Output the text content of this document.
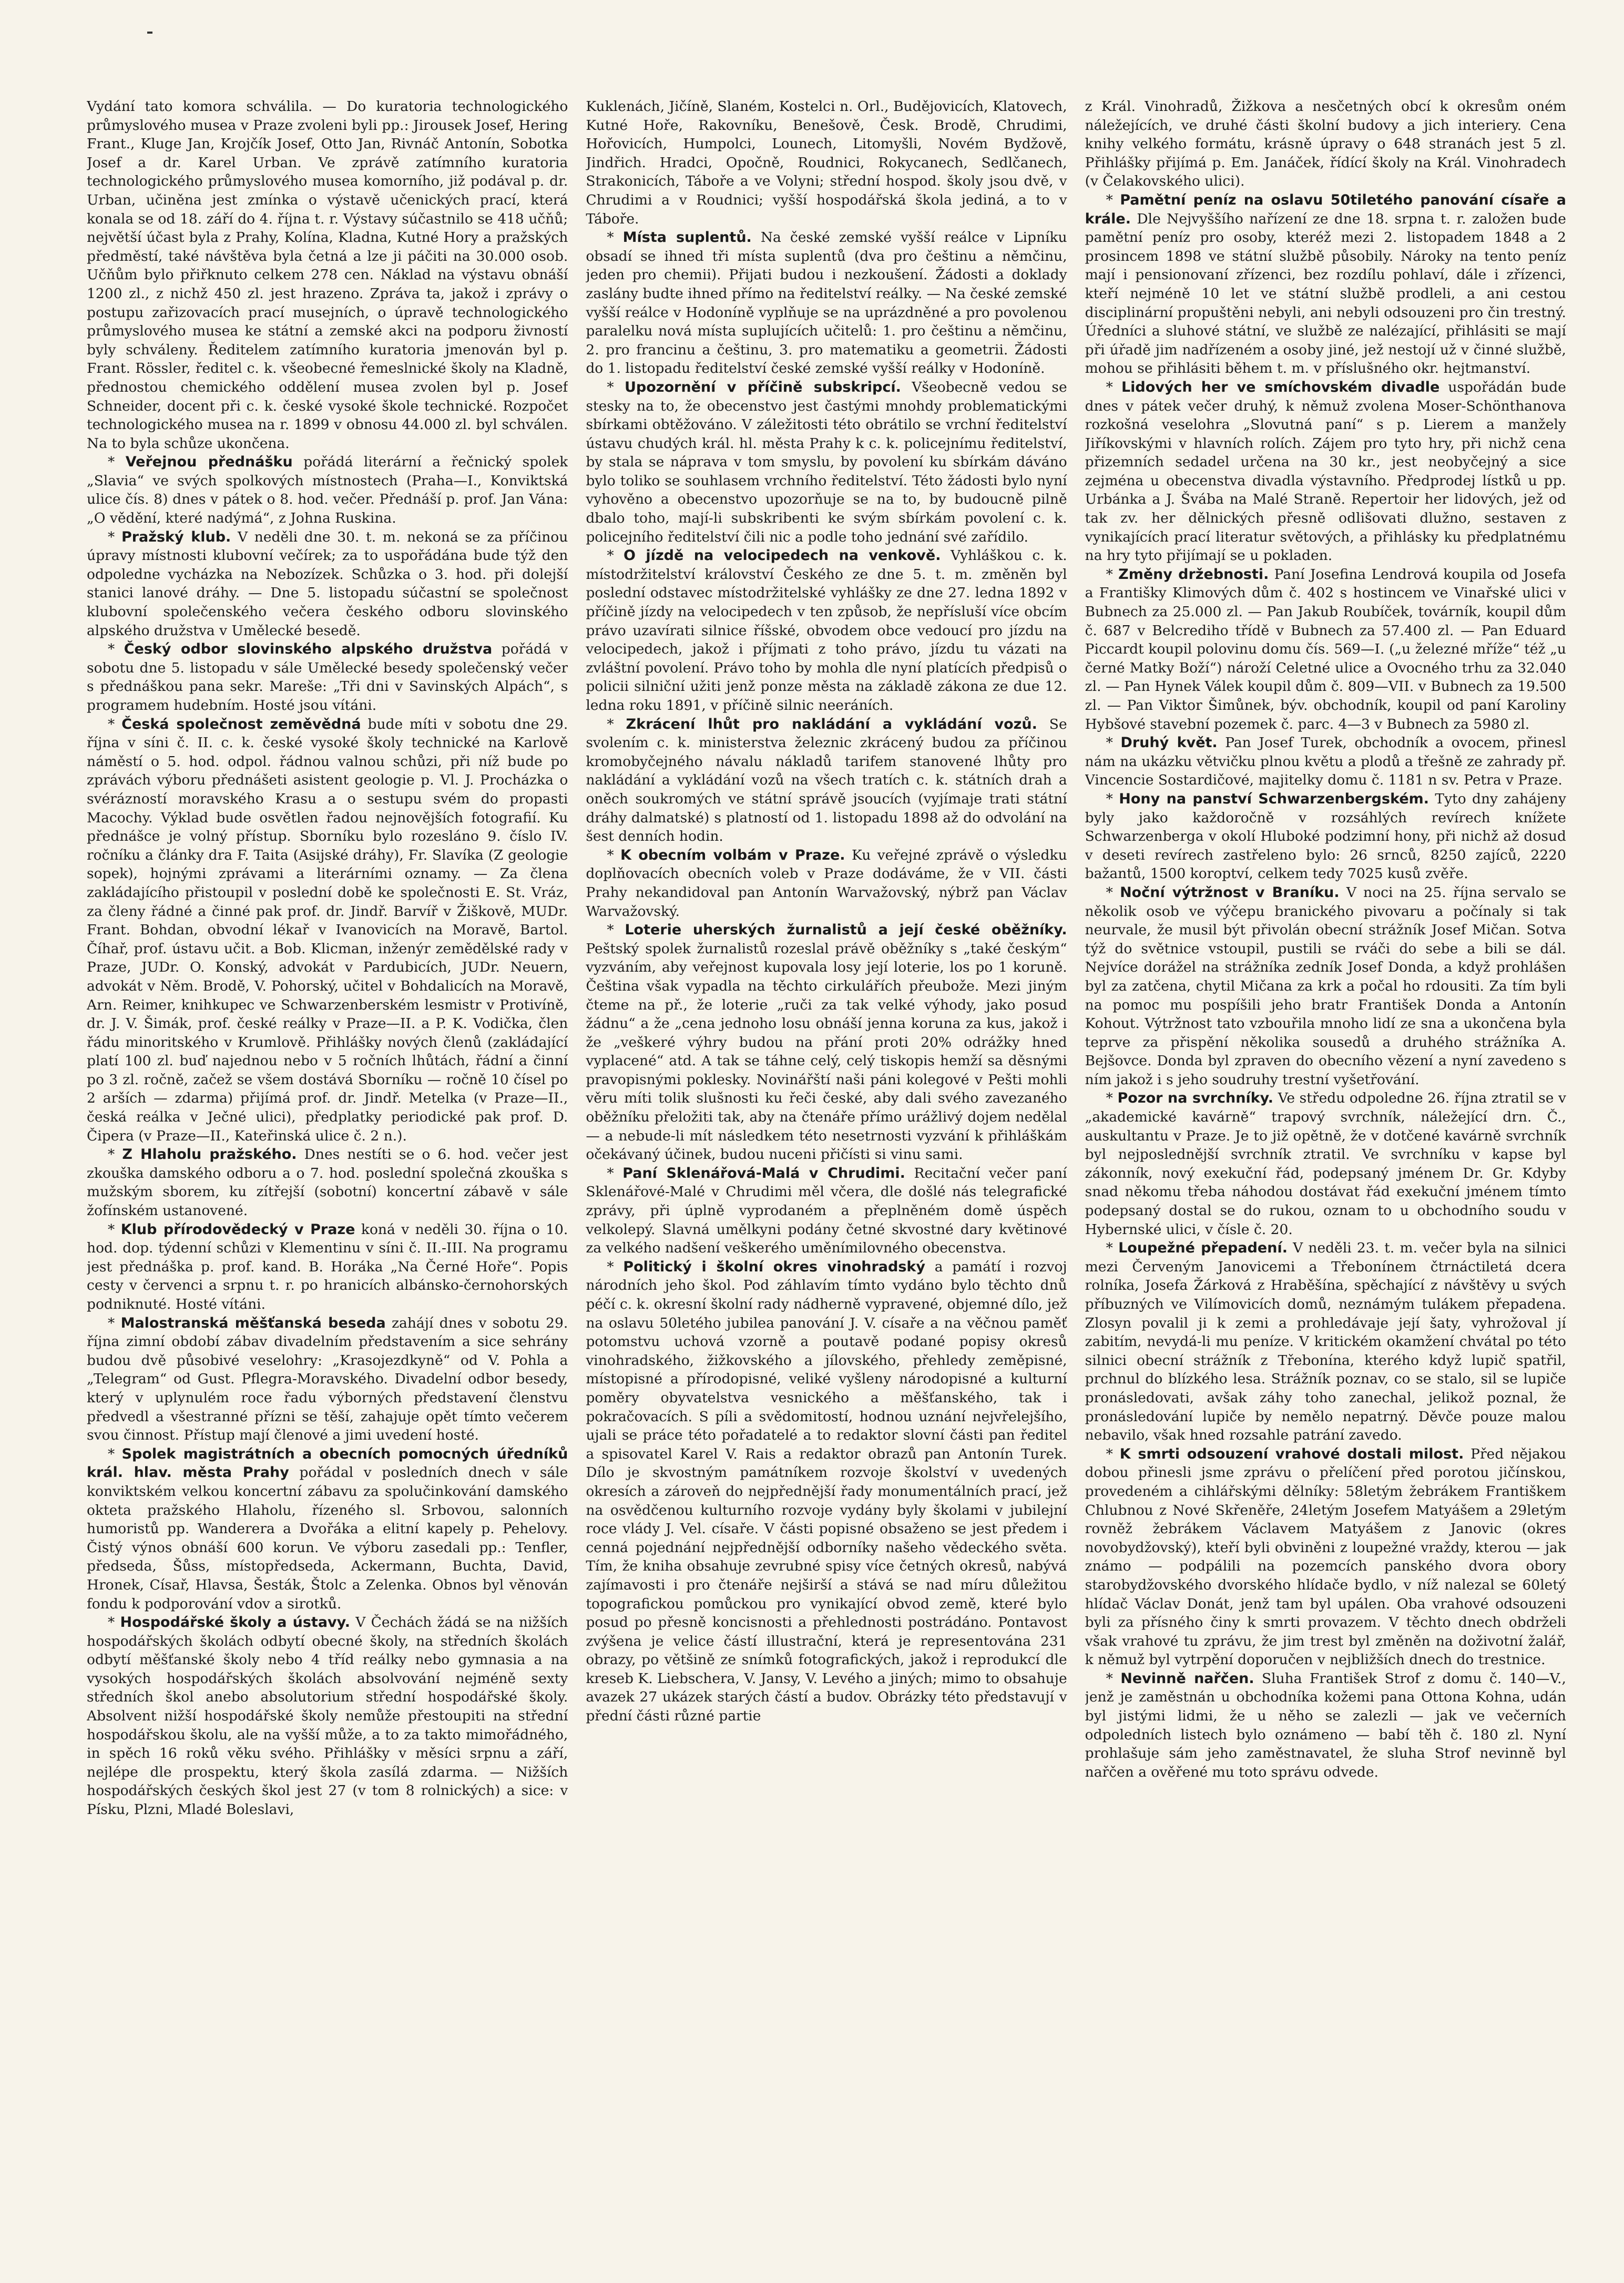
Vydání tato komora schválila. — Do kuratoria technologického průmyslového musea v Praze zvoleni byli pp.: Jirousek Josef, Hering Frant., Kluge Jan, Krojčík Josef, Otto Jan, Rivnáč Antonín, Sobotka Josef a dr. Karel Urban. Ve zprávě zatímního kuratoria technologického průmyslového musea komorního, již podával p. dr. Urban, učiněna jest zmínka o výstavě učenických prací, která konala se od 18. září do 4. října t. r. Výstavy súčastnilo se 418 učňů; největší účast byla z Prahy, Kolína, Kladna, Kutné Hory a pražských předměstí, také návštěva byla četná a lze ji páčiti na 30.000 osob. Učňům bylo přiřknuto celkem 278 cen. Náklad na výstavu obnáší 1200 zl., z nichž 450 zl. jest hrazeno. Zpráva ta, jakož i zprávy o postupu zařizovacích prací musejních, o úpravě technologického průmyslového musea ke státní a zemské akci na podporu živností byly schváleny. Ředitelem zatímního kuratoria jmenován byl p. Frant. Rössler, ředitel c. k. všeobecné řemeslnické školy na Kladně, přednostou chemického oddělení musea zvolen byl p. Josef Schneider, docent při c. k. české vysoké škole technické. Rozpočet technologického musea na r. 1899 v obnosu 44.000 zl. byl schválen. Na to byla schůze ukončena.

* Veřejnou přednášku pořádá literární a řečnický spolek „Slavia“ ve svých spolkových místnostech (Praha—I., Konviktská ulice čís. 8) dnes v pátek o 8. hod. večer. Přednáší p. prof. Jan Vána: „O vědění, které nadýmá“, z Johna Ruskina.

* Pražský klub. V neděli dne 30. t. m. nekoná se za příčinou úpravy místnosti klubovní večírek; za to uspořádána bude týž den odpoledne vycházka na Nebozízek. Schůzka o 3. hod. při dolejší stanici lanové dráhy. — Dne 5. listopadu súčastní se společnost klubovní společenského večera českého odboru slovinského alpského družstva v Umělecké besedě.

* Český odbor slovinského alpského družstva pořádá v sobotu dne 5. listopadu v sále Umělecké besedy společenský večer s přednáškou pana sekr. Mareše: „Tři dni v Savinských Alpách“, s programem hudebním. Hosté jsou vítáni.

* Česká společnost zeměvědná bude míti v sobotu dne 29. října v síni č. II. c. k. české vysoké školy technické na Karlově náměstí o 5. hod. odpol. řádnou valnou schůzi, při níž bude po zprávách výboru přednášeti asistent geologie p. Vl. J. Procházka o svérázností moravského Krasu a o sestupu svém do propasti Macochy. Výklad bude osvětlen řadou nejnovějších fotografií. Ku přednášce je volný přístup. Sborníku bylo rozesláno 9. číslo IV. ročníku a články dra F. Taita (Asijské dráhy), Fr. Slavíka (Z geologie sopek), hojnými zprávami a literárními oznamy. — Za člena zakládajícího přistoupil v poslední době ke společnosti E. St. Vráz, za členy řádné a činné pak prof. dr. Jindř. Barvíř v Žiškově, MUDr. Frant. Bohdan, obvodní lékař v Ivanovicích na Moravě, Bartol. Číhař, prof. ústavu učit. a Bob. Klicman, inženýr zemědělské rady v Praze, JUDr. O. Konský, advokát v Pardubicích, JUDr. Neuern, advokát v Něm. Brodě, V. Pohorský, učitel v Bohdalicích na Moravě, Arn. Reimer, knihkupec ve Schwarzenberském lesmistr v Protivíně, dr. J. V. Šimák, prof. české reálky v Praze—II. a P. K. Vodička, člen řádu minoritského v Krumlově. Přihlášky nových členů (zakládající platí 100 zl. buď najednou nebo v 5 ročních lhůtách, řádní a činní po 3 zl. ročně, začež se všem dostává Sborníku — ročně 10 čísel po 2 arších — zdarma) přijímá prof. dr. Jindř. Metelka (v Praze—II., česká reálka v Ječné ulici), předplatky periodické pak prof. D. Čipera (v Praze—II., Kateřinská ulice č. 2 n.).

* Z Hlaholu pražského. Dnes nestíti se o 6. hod. večer jest zkouška damského odboru a o 7. hod. poslední společná zkouška s mužským sborem, ku zítřejší (sobotní) koncertní zábavě v sále žofínském ustanovené.

* Klub přírodovědecký v Praze koná v neděli 30. října o 10. hod. dop. týdenní schůzi v Klementinu v síni č. II.-III. Na programu jest přednáška p. prof. kand. B. Horáka „Na Černé Hoře“. Popis cesty v červenci a srpnu t. r. po hranicích albánsko-černohorských podniknuté. Hosté vítáni.

* Malostranská měšťanská beseda zahájí dnes v sobotu 29. října zimní období zábav divadelním představením a sice sehrány budou dvě působivé veselohry: „Krasojezdkyně“ od V. Pohla a „Telegram“ od Gust. Pflegra-Moravského. Divadelní odbor besedy, který v uplynulém roce řadu výborných představení členstvu předvedl a všestranné přízni se těší, zahajuje opět tímto večerem svou činnost. Přístup mají členové a jimi uvedení hosté.

* Spolek magistrátních a obecních pomocných úředníků král. hlav. města Prahy pořádal v posledních dnech v sále konviktském velkou koncertní zábavu za spolučinkování damského okteta pražského Hlaholu, řízeného sl. Srbovou, salonních humoristů pp. Wanderera a Dvořáka a elitní kapely p. Pehelovy. Čistý výnos obnáší 600 korun. Ve výboru zasedali pp.: Tenfler, předseda, Šůss, místopředseda, Ackermann, Buchta, David, Hronek, Císař, Hlavsa, Šesták, Štolc a Zelenka. Obnos byl věnován fondu k podporování vdov a sirotků.

* Hospodářské školy a ústavy. V Čechách žádá se na nižších hospodářských školách odbytí obecné školy, na středních školách odbytí měšťanské školy nebo 4 tříd reálky nebo gymnasia a na vysokých hospodářských školách absolvování nejméně sexty středních škol anebo absolutorium střední hospodářské školy. Absolvent nižší hospodářské školy nemůže přestoupiti na střední hospodářskou školu, ale na vyšší může, a to za takto mimořádného, in spěch 16 roků věku svého. Přihlášky v měsíci srpnu a září, nejlépe dle prospektu, který škola zasílá zdarma. — Nižších hospodářských českých škol jest 27 (v tom 8 rolnických) a sice: v Písku, Plzni, Mladé Boleslavi,

Kuklenách, Jičíně, Slaném, Kostelci n. Orl., Budějovicích, Klatovech, Kutné Hoře, Rakovníku, Benešově, Česk. Brodě, Chrudimi, Hořovicích, Humpolci, Lounech, Litomyšli, Novém Bydžově, Jindřich. Hradci, Opočně, Roudnici, Rokycanech, Sedlčanech, Strakonicích, Táboře a ve Volyni; střední hospod. školy jsou dvě, v Chrudimi a v Roudnici; vyšší hospodářská škola jediná, a to v Táboře.

* Místa suplentů. Na české zemské vyšší reálce v Lipníku obsadí se ihned tři místa suplentů (dva pro češtinu a němčinu, jeden pro chemii). Přijati budou i nezkoušení. Žádosti a doklady zaslány budte ihned přímo na ředitelství reálky. — Na české zemské vyšší reálce v Hodoníně vyplňuje se na uprázdněné a pro povolenou paralelku nová místa suplujících učitelů: 1. pro češtinu a němčinu, 2. pro francinu a češtinu, 3. pro matematiku a geometrii. Žádosti do 1. listopadu ředitelství české zemské vyšší reálky v Hodoníně.

* Upozornění v příčině subskripcí. Všeobecně vedou se stesky na to, že obecenstvo jest častými mnohdy problematickými sbírkami obtěžováno. V záležitosti této obrátilo se vrchní ředitelství ústavu chudých král. hl. města Prahy k c. k. policejnímu ředitelství, by stala se náprava v tom smyslu, by povolení ku sbírkám dáváno bylo toliko se souhlasem vrchního ředitelství. Této žádosti bylo nyní vyhověno a obecenstvo upozorňuje se na to, by budoucně pilně dbalo toho, mají-li subskribenti ke svým sbírkám povolení c. k. policejního ředitelství čili nic a podle toho jednání své zařídilo.

* O jízdě na velocipedech na venkově. Vyhláškou c. k. místodržitelství království Českého ze dne 5. t. m. změněn byl poslední odstavec místodržitelské vyhlášky ze dne 27. ledna 1892 v příčině jízdy na velocipedech v ten způsob, že nepřísluší více obcím právo uzavírati silnice říšské, obvodem obce vedoucí pro jízdu na velocipedech, jakož i příjmati z toho právo, jízdu tu vázati na zvláštní povolení. Právo toho by mohla dle nyní platících předpisů o policii silniční užiti jenž ponze města na základě zákona ze due 12. ledna roku 1891, v příčině silnic neeráních.

* Zkrácení lhůt pro nakládání a vykládání vozů. Se svolením c. k. ministerstva železnic zkrácený budou za příčinou kromobyčejného návalu nákladů tarifem stanovené lhůty pro nakládání a vykládání vozů na všech tratích c. k. státních drah a oněch soukromých ve státní správě jsoucích (vyjímaje trati státní dráhy dalmatské) s platností od 1. listopadu 1898 až do odvolání na šest denních hodin.

* K obecním volbám v Praze. Ku veřejné zprávě o výsledku doplňovacích obecních voleb v Praze dodáváme, že v VII. části Prahy nekandidoval pan Antonín Warvažovský, nýbrž pan Václav Warvažovský.

* Loterie uherských žurnalistů a její české oběžníky. Peštský spolek žurnalistů rozeslal právě oběžníky s „také českým“ vyzváním, aby veřejnost kupovala losy její loterie, los po 1 koruně. Čeština však vypadla na těchto cirkulářích přeubože. Mezi jiným čteme na př., že loterie „ruči za tak velké výhody, jako posud žádnu“ a že „cena jednoho losu obnáší jenna koruna za kus, jakož i že „veškeré výhry budou na přání proti 20% odrážky hned vyplacené“ atd. A tak se táhne celý, celý tiskopis hemží sa děsnými pravopisnými poklesky. Novinářští naši páni kolegové v Pešti mohli věru míti tolik slušnosti ku řeči české, aby dali svého zavezaného oběžníku přeložiti tak, aby na čtenáře přímo urážlivý dojem nedělal — a nebude-li mít následkem této nesetrnosti vyzvání k přihláškám očekávaný účinek, budou nuceni přičísti si vinu sami.

* Paní Sklenářová-Malá v Chrudimi. Recitační večer paní Sklenářové-Malé v Chrudimi měl včera, dle došlé nás telegrafické zprávy, při úplně vyprodaném a přeplněném domě úspěch velkolepý. Slavná umělkyni podány četné skvostné dary květinové za velkého nadšení veškerého uměnímilovného obecenstva.

* Politický i školní okres vinohradský a památí i rozvoj národních jeho škol. Pod záhlavím tímto vydáno bylo těchto dnů péčí c. k. okresní školní rady nádherně vypravené, objemné dílo, jež na oslavu 50letého jubilea panování J. V. císaře a na věčnou paměť potomstvu uchová vzorně a poutavě podané popisy okresů vinohradského, žižkovského a jílovského, přehledy zeměpisné, místopisné a přírodopisné, veliké vyšleny národopisné a kulturní poměry obyvatelstva vesnického a měšťanského, tak i pokračovacích. S píli a svědomitostí, hodnou uznání nejvřelejšího, ujali se práce této pořadatelé a to redaktor slovní části pan ředitel a spisovatel Karel V. Rais a redaktor obrazů pan Antonín Turek. Dílo je skvostným památníkem rozvoje školství v uvedených okresích a zároveň do nejpřednější řady monumentálních prací, jež na osvědčenou kulturního rozvoje vydány byly školami v jubilejní roce vlády J. Vel. císaře. V části popisné obsaženo se jest předem i cenná pojednání nejpřednější odborníky našeho vědeckého světa. Tím, že kniha obsahuje zevrubné spisy více četných okresů, nabývá zajímavosti i pro čtenáře nejširší a stává se nad míru důležitou topografickou pomůckou pro vynikající obvod země, které bylo posud po přesně koncisnosti a přehlednosti postrádáno. Pontavost zvýšena je velice částí illustrační, která je representována 231 obrazy, po většině ze snímků fotografických, jakož i reprodukcí dle kreseb K. Liebschera, V. Jansy, V. Levého a jiných; mimo to obsahuje avazek 27 ukázek starých částí a budov. Obrázky této představují v přední části různé partie

z Král. Vinohradů, Žižkova a nesčetných obcí k okresům oném náležejících, ve druhé části školní budovy a jich interiery. Cena knihy velkého formátu, krásně úpravy o 648 stranách jest 5 zl. Přihlášky přijímá p. Em. Janáček, řídící školy na Král. Vinohradech (v Čelakovského ulici).

* Pamětní peníz na oslavu 50tiletého panování císaře a krále. Dle Nejvyššího nařízení ze dne 18. srpna t. r. založen bude pamětní peníz pro osoby, kteréž mezi 2. listopadem 1848 a 2 prosincem 1898 ve státní službě působily. Nároky na tento peníz mají i pensionovaní zřízenci, bez rozdílu pohlaví, dále i zřízenci, kteří nejméně 10 let ve státní službě prodleli, a ani cestou disciplinární propuštěni nebyli, ani nebyli odsouzeni pro čin trestný. Úředníci a sluhové státní, ve službě ze nalézající, přihlásiti se mají při úřadě jim nadřízeném a osoby jiné, jež nestojí už v činné službě, mohou se přihlásiti během t. m. v příslušného okr. hejtmanství.

* Lidových her ve smíchovském divadle uspořádán bude dnes v pátek večer druhý, k němuž zvolena Moser-Schönthanova rozkošná veselohra „Slovutná paní“ s p. Lierem a manžely Jiříkovskými v hlavních rolích. Zájem pro tyto hry, při nichž cena přizemních sedadel určena na 30 kr., jest neobyčejný a sice zejména u obecenstva divadla výstavního. Předprodej lístků u pp. Urbánka a J. Švába na Malé Straně. Repertoir her lidových, jež od tak zv. her dělnických přesně odlišovati dlužno, sestaven z vynikajících prací literatur světových, a přihlásky ku předplatnému na hry tyto přijímají se u pokladen.

* Změny držebnosti. Paní Josefina Lendrová koupila od Josefa a Františky Klimových dům č. 402 s hostincem ve Vinařské ulici v Bubnech za 25.000 zl. — Pan Jakub Roubíček, továrník, koupil dům č. 687 v Belcrediho třídě v Bubnech za 57.400 zl. — Pan Eduard Piccardt koupil polovinu domu čís. 569—I. („u železné mříže“ též „u černé Matky Boží“) nároží Celetné ulice a Ovocného trhu za 32.040 zl. — Pan Hynek Válek koupil dům č. 809—VII. v Bubnech za 19.500 zl. — Pan Viktor Šimůnek, býv. obchodník, koupil od paní Karoliny Hybšové stavební pozemek č. parc. 4—3 v Bubnech za 5980 zl.

* Druhý květ. Pan Josef Turek, obchodník a ovocem, přinesl nám na ukázku větvičku plnou květu a plodů a třešně ze zahrady př. Vincencie Sostardičové, majitelky domu č. 1181 n sv. Petra v Praze.

* Hony na panství Schwarzenbergském. Tyto dny zahájeny byly jako každoročně v rozsáhlých revírech knížete Schwarzenberga v okolí Hluboké podzimní hony, při nichž až dosud v deseti revírech zastřeleno bylo: 26 srnců, 8250 zajíců, 2220 bažantů, 1500 koroptví, celkem tedy 7025 kusů zvěře.

* Noční výtržnost v Braníku. V noci na 25. října servalo se několik osob ve výčepu branického pivovaru a počínaly si tak neurvale, že musil být přivolán obecní strážník Josef Mičan. Sotva týž do světnice vstoupil, pustili se rváči do sebe a bili se dál. Nejvíce dorážel na strážníka zedník Josef Donda, a když prohlášen byl za zatčena, chytil Mičana za krk a počal ho rdousiti. Za tím byli na pomoc mu pospíšili jeho bratr František Donda a Antonín Kohout. Výtržnost tato vzbouřila mnoho lidí ze sna a ukončena byla teprve za přispění několika sousedů a druhého strážníka A. Bejšovce. Donda byl zpraven do obecního vězení a nyní zavedeno s ním jakož i s jeho soudruhy trestní vyšetřování.

* Pozor na svrchníky. Ve středu odpoledne 26. října ztratil se v „akademické kavárně“ trapový svrchník, náležející drn. Č., auskultantu v Praze. Je to již opětně, že v dotčené kavárně svrchník byl nejposlednější svrchník ztratil. Ve svrchníku v kapse byl zákonník, nový exekuční řád, podepsaný jménem Dr. Gr. Kdyby snad někomu třeba náhodou dostávat řád exekuční jménem tímto podepsaný dostal se do rukou, oznam to u obchodního soudu v Hybernské ulici, v čísle č. 20.

* Loupežné přepadení. V neděli 23. t. m. večer byla na silnici mezi Červeným Janovicemi a Třebonínem čtrnáctiletá dcera rolníka, Josefa Žárková z Hraběšína, spěchající z návštěvy u svých příbuzných ve Vilímovicích domů, neznámým tulákem přepadena. Zlosyn povalil ji k zemi a prohledávaje její šaty, vyhrožoval jí zabitím, nevydá-li mu peníze. V kritickém okamžení chvátal po této silnici obecní strážník z Třebonína, kterého když lupič spatřil, prchnul do blízkého lesa. Strážník poznav, co se stalo, sil se lupiče pronásledovati, avšak záhy toho zanechal, jelikož poznal, že pronásledování lupiče by nemělo nepatrný. Děvče pouze malou nebavilo, však hned rozsahle patrání zavedo.

* K smrti odsouzení vrahové dostali milost. Před nějakou dobou přinesli jsme zprávu o přelíčení před porotou jičínskou, provedeném a cihlářskými dělníky: 58letým žebrákem Františkem Chlubnou z Nové Skřeněře, 24letým Josefem Matyášem a 29letým rovněž žebrákem Václavem Matyášem z Janovic (okres novobydžovský), kteří byli obviněni z loupežné vraždy, kterou — jak známo — podpálili na pozemcích panského dvora obory starobydžovského dvorského hlídače bydlo, v níž nalezal se 60letý hlídač Václav Donát, jenž tam byl upálen. Oba vrahové odsouzeni byli za přísného činy k smrti provazem. V těchto dnech obdrželi však vrahové tu zprávu, že jim trest byl změněn na doživotní žalář, k němuž byl vytrpění doporučen v nejbližších dnech do trestnice.

* Nevinně nařčen. Sluha František Strof z domu č. 140—V., jenž je zaměstnán u obchodníka kožemi pana Ottona Kohna, udán byl jistými lidmi, že u něho se zalezli — jak ve večerních odpoledních listech bylo oznámeno — babí těh č. 180 zl. Nyní prohlašuje sám jeho zaměstnavatel, že sluha Strof nevinně byl nařčen a ověřené mu toto správu odvede.
